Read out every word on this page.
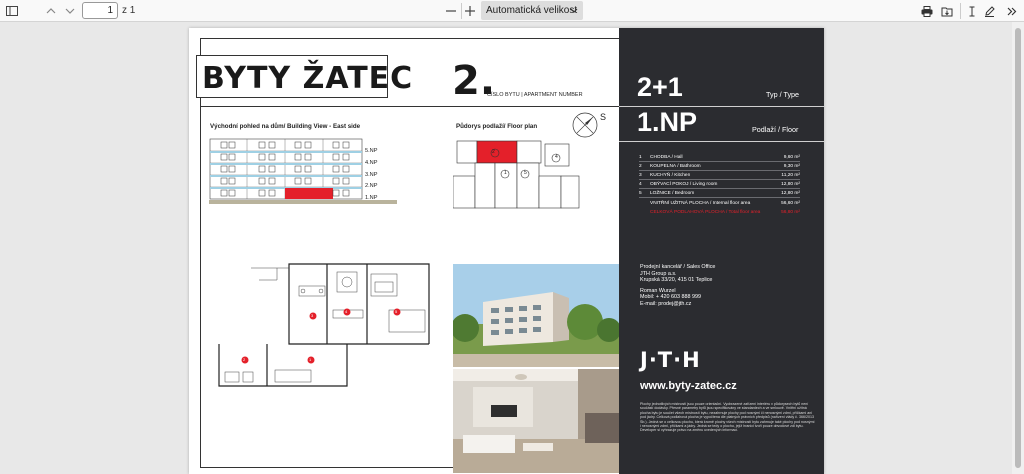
1 z 1	Automatická velikost
BYTY ŽATEC 2.
ČÍSLO BYTU | APARTMENT NUMBER
Východní pohled na dům/ Building View - East side	Půdorys podlaží/ Floor plan
5.NP
4.NP
3.NP
2.NP
1.NP
S
2
1	5
4
2+1	Typ / Type
1.NP	Podlaží / Floor
1 CHODBA / Hall	9,60 m²
2 KOUPELNA / Bathroom	9,30 m²
3 KUCHYŇ / Kitchen	11,20 m²
4 OBÝVACÍ POKOJ / Living room	12,80 m²
5 LOŽNICE / Bedroom	12,80 m²
VNITŘNÍ UŽITNÁ PLOCHA / Internal floor area	56,60 m²
CELKOVÁ PODLAHOVÁ PLOCHA / Total floor area	56,80 m²
Prodejní kancelář / Sales Office
JTH Group a.s.
Krupská 33/20, 415 01 Teplice
Roman Wurzel
Mobil: + 420 603 888 999
E-mail: prodej@jth.cz
J·T·H
www.byty-zatec.cz
Plochy jednotlivých místností jsou pouze orientační. Vyobrazené zařízení interiéru v půdorysech bytů není součástí dodávky. Přesné parametry bytů jsou specifikovány ve standardech a ve smlouvě. Vnitřní užitná plocha bytu je součet všech místností bytu, nezahrnuje plochy pod nosnými či nenosnými zdmi, příčkami ani pod jádry. Celková podlahová plocha je vypočtena dle platných právních předpisů (nařízení vlády č. 366/2013 Sb.). Jedná se o celkovou plochu, která kromě plochy všech místností bytu zahrnuje také plochy pod nosnými i nenosnými zdmi, příčkami a jádry. Jedná se tedy o plochu, jejíž hranici tvoří pouze obvodové zdi bytu. Developer si vyhrazuje právo na změnu uvedených informací.
3
4	5
2	1
